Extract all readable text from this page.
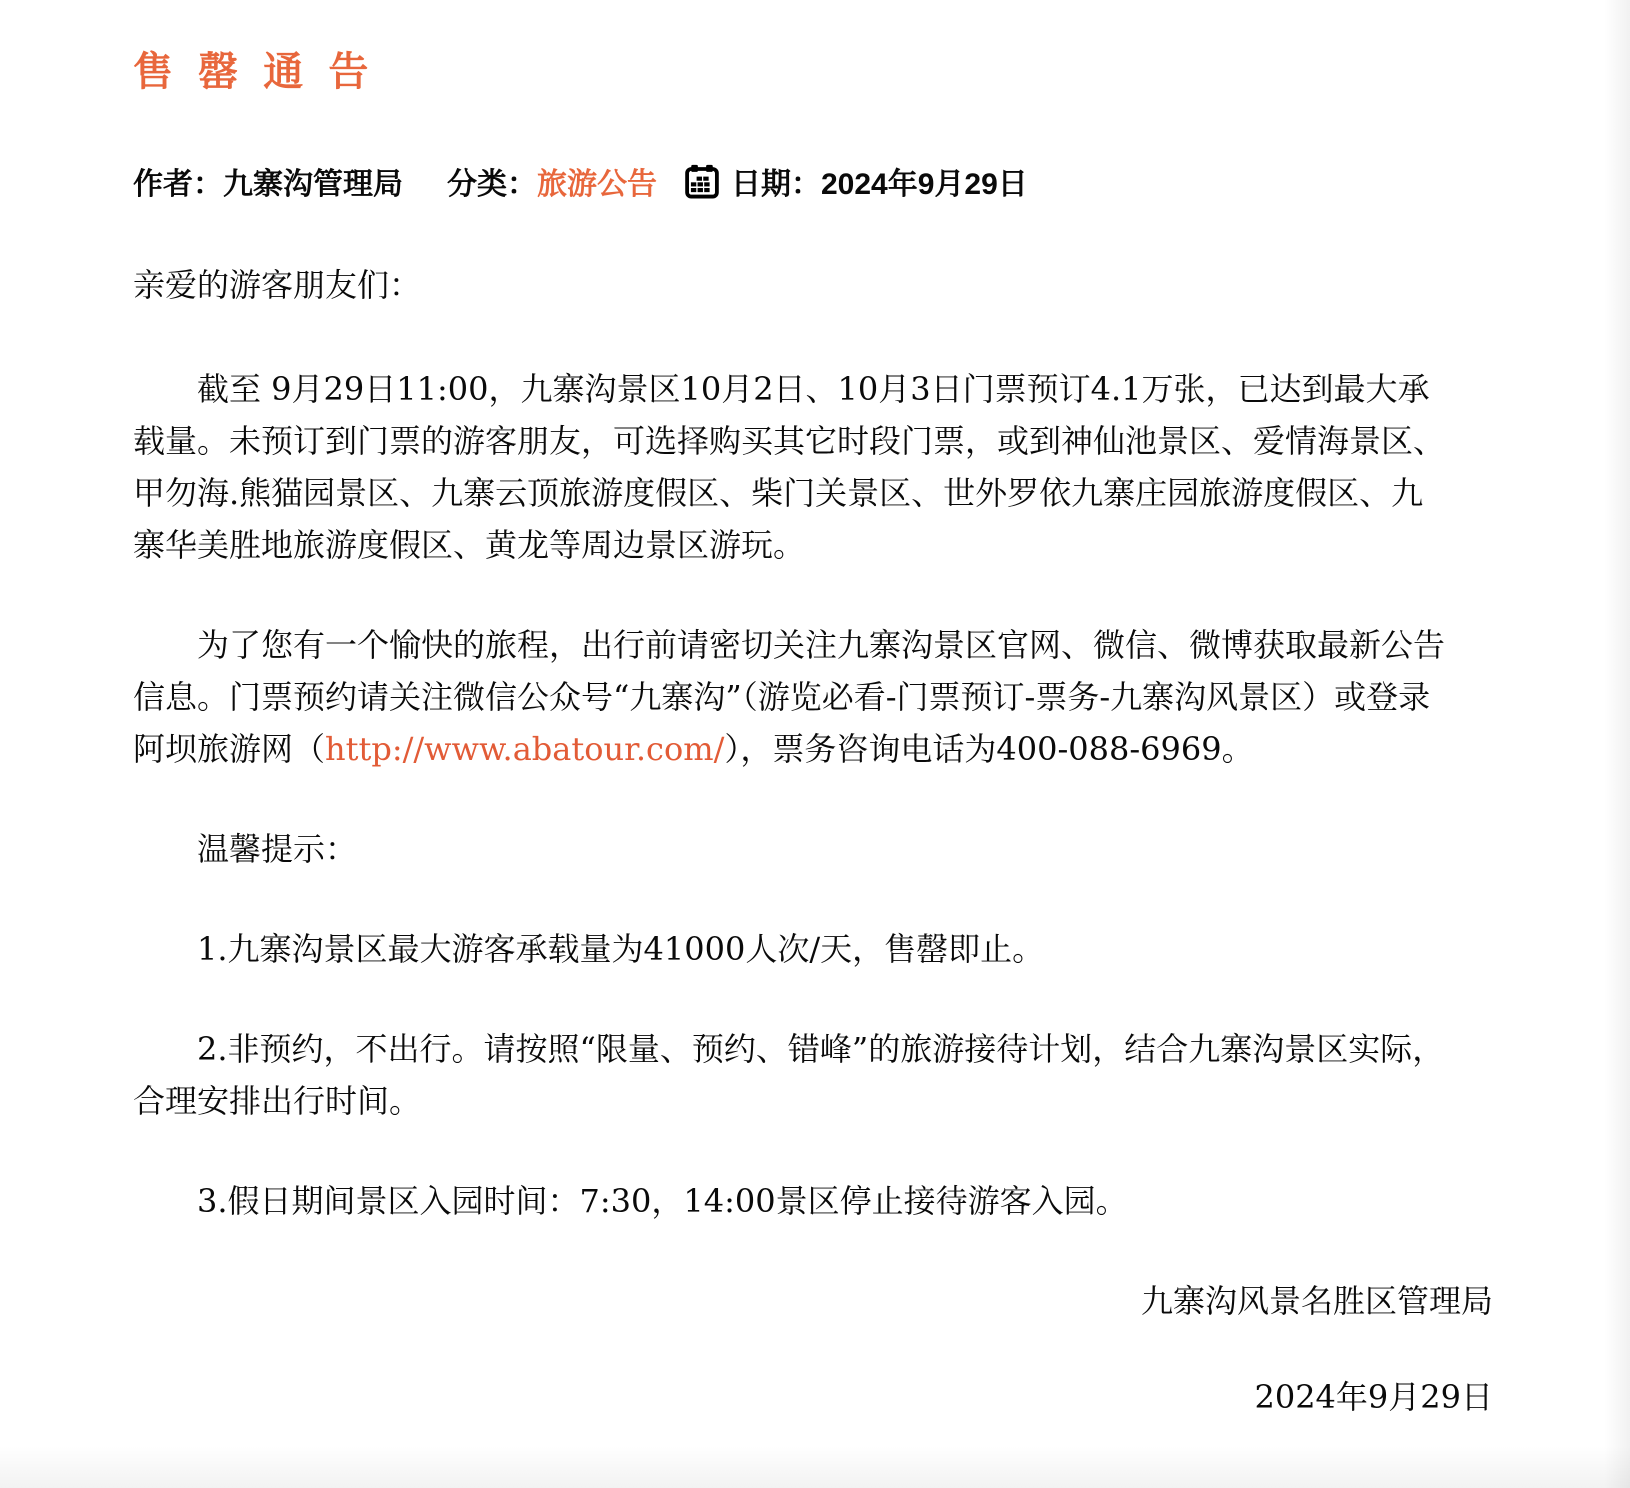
售 罄 通 告
作者： 九寨沟管理局 分类： 旅游公告 日期： 2024年9月29日

亲爱的游客朋友们：

截至 9月29日11:00，九寨沟景区10月2日、10月3日门票预订4.1万张，已达到最大承载量。未预订到门票的游客朋友，可选择购买其它时段门票，或到神仙池景区、爱情海景区、甲勿海.熊猫园景区、九寨云顶旅游度假区、柴门关景区、世外罗依九寨庄园旅游度假区、九寨华美胜地旅游度假区、黄龙等周边景区游玩。

为了您有一个愉快的旅程，出行前请密切关注九寨沟景区官网、微信、微博获取最新公告信息。门票预约请关注微信公众号“九寨沟”（游览必看-门票预订-票务-九寨沟风景区）或登录阿坝旅游网（http://www.abatour.com/），票务咨询电话为400-088-6969。

温馨提示：

1.九寨沟景区最大游客承载量为41000人次/天，售罄即止。

2.非预约，不出行。请按照“限量、预约、错峰”的旅游接待计划，结合九寨沟景区实际，合理安排出行时间。

3.假日期间景区入园时间：7:30，14:00景区停止接待游客入园。

九寨沟风景名胜区管理局

2024年9月29日
